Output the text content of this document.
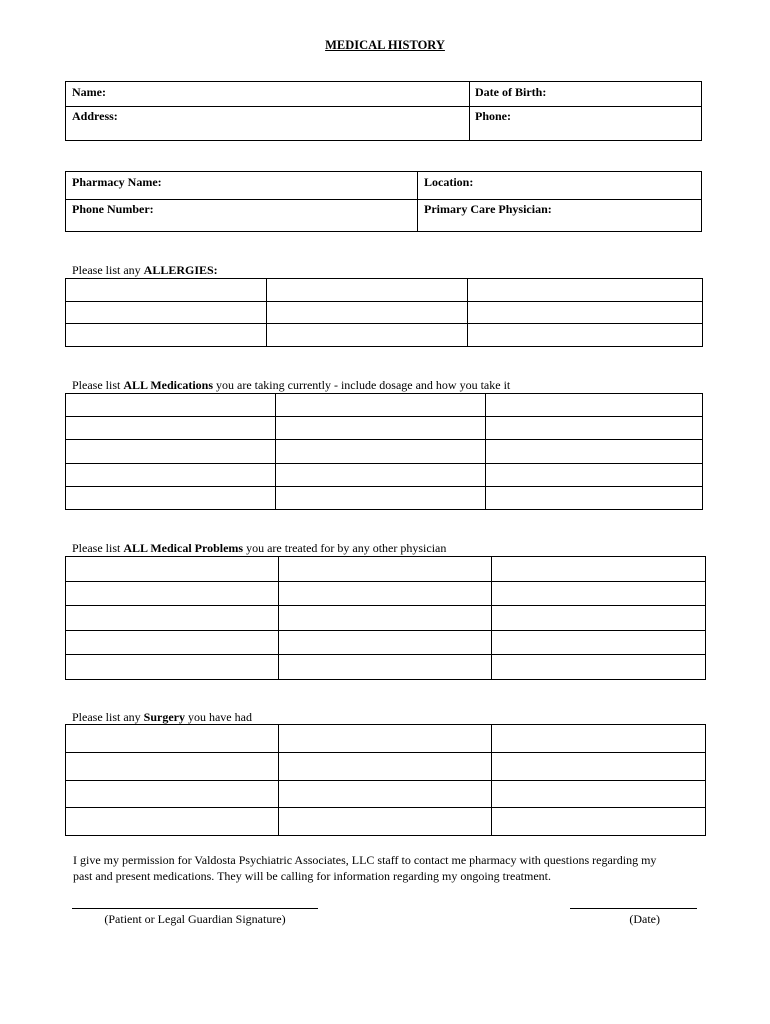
MEDICAL HISTORY
Name:	Date of Birth:
Address:	Phone:
Pharmacy Name:	Location:
Phone Number:	Primary Care Physician:
Please list any ALLERGIES:

Please list ALL Medications you are taking currently - include dosage and how you take it

Please list ALL Medical Problems you are treated for by any other physician

Please list any Surgery you have had

I give my permission for Valdosta Psychiatric Associates, LLC staff to contact me pharmacy with questions regarding my
past and present medications. They will be calling for information regarding my ongoing treatment.
(Patient or Legal Guardian Signature)	(Date)
